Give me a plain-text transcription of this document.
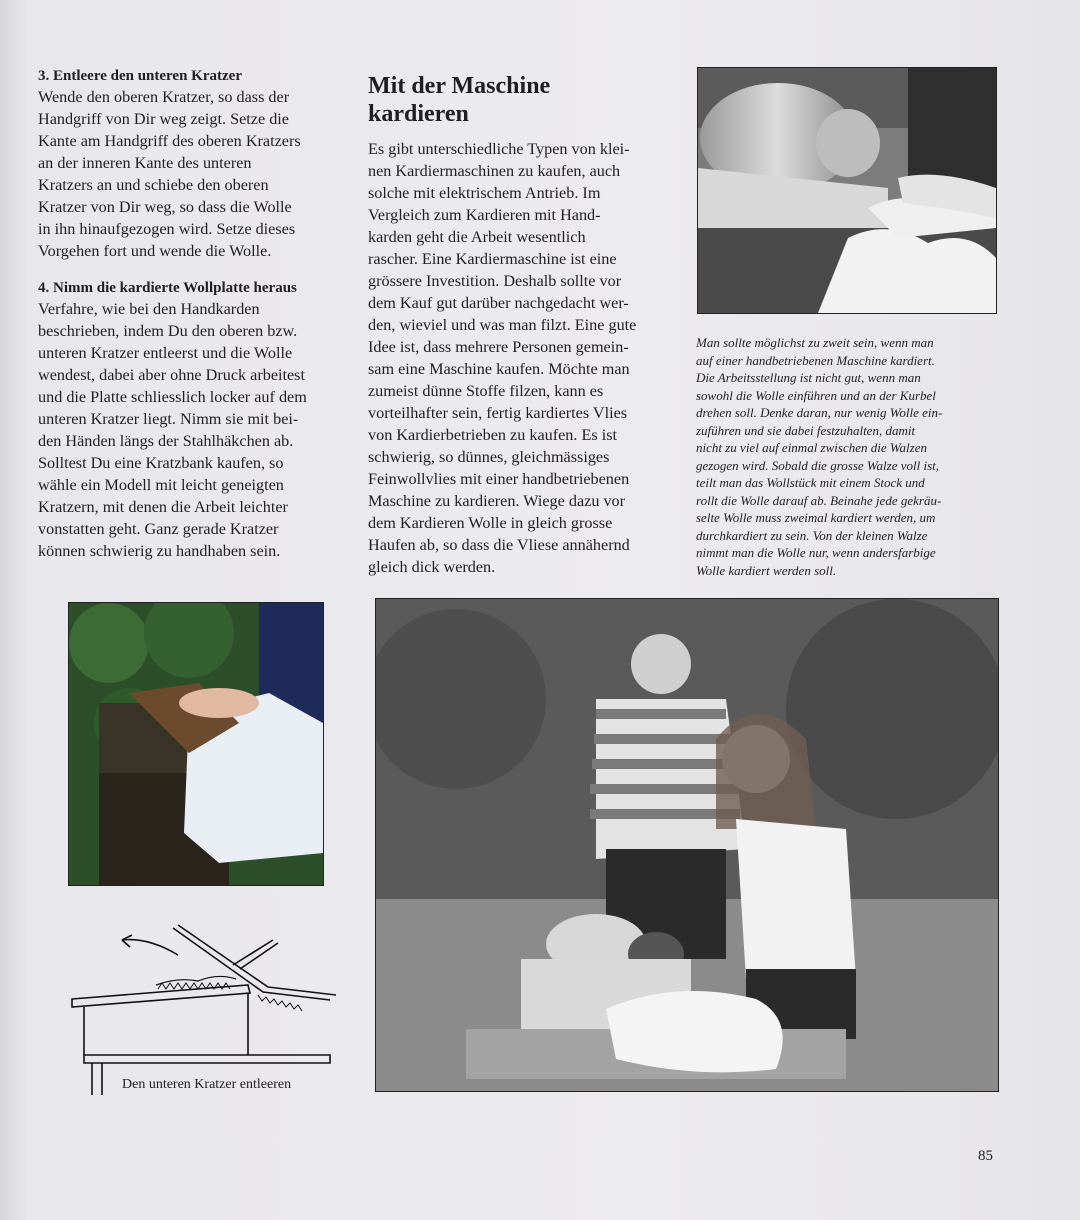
3. Entleere den unteren Kratzer

Wende den oberen Kratzer, so dass der
Handgriff von Dir weg zeigt. Setze die
Kante am Handgriff des oberen Kratzers
an der inneren Kante des unteren
Kratzers an und schiebe den oberen
Kratzer von Dir weg, so dass die Wolle
in ihn hinaufgezogen wird. Setze dieses
Vorgehen fort und wende die Wolle.

4. Nimm die kardierte Wollplatte heraus

Verfahre, wie bei den Handkarden
beschrieben, indem Du den oberen bzw.
unteren Kratzer entleerst und die Wolle
wendest, dabei aber ohne Druck arbeitest
und die Platte schliesslich locker auf dem
unteren Kratzer liegt. Nimm sie mit bei-
den Händen längs der Stahlhäkchen ab.
Solltest Du eine Kratzbank kaufen, so
wähle ein Modell mit leicht geneigten
Kratzern, mit denen die Arbeit leichter
vonstatten geht. Ganz gerade Kratzer
können schwierig zu handhaben sein.
Mit der Maschine
kardieren
Es gibt unterschiedliche Typen von klei-
nen Kardiermaschinen zu kaufen, auch
solche mit elektrischem Antrieb. Im
Vergleich zum Kardieren mit Hand-
karden geht die Arbeit wesentlich
rascher. Eine Kardiermaschine ist eine
grössere Investition. Deshalb sollte vor
dem Kauf gut darüber nachgedacht wer-
den, wieviel und was man filzt. Eine gute
Idee ist, dass mehrere Personen gemein-
sam eine Maschine kaufen. Möchte man
zumeist dünne Stoffe filzen, kann es
vorteilhafter sein, fertig kardiertes Vlies
von Kardierbetrieben zu kaufen. Es ist
schwierig, so dünnes, gleichmässiges
Feinwollvlies mit einer handbetriebenen
Maschine zu kardieren. Wiege dazu vor
dem Kardieren Wolle in gleich grosse
Haufen ab, so dass die Vliese annähernd
gleich dick werden.
Man sollte möglichst zu zweit sein, wenn man
auf einer handbetriebenen Maschine kardiert.
Die Arbeitsstellung ist nicht gut, wenn man
sowohl die Wolle einführen und an der Kurbel
drehen soll. Denke daran, nur wenig Wolle ein-
zuführen und sie dabei festzuhalten, damit
nicht zu viel auf einmal zwischen die Walzen
gezogen wird. Sobald die grosse Walze voll ist,
teilt man das Wollstück mit einem Stock und
rollt die Wolle darauf ab. Beinahe jede gekräu-
selte Wolle muss zweimal kardiert werden, um
durchkardiert zu sein. Von der kleinen Walze
nimmt man die Wolle nur, wenn andersfarbige
Wolle kardiert werden soll.
Den unteren Kratzer entleeren
85
